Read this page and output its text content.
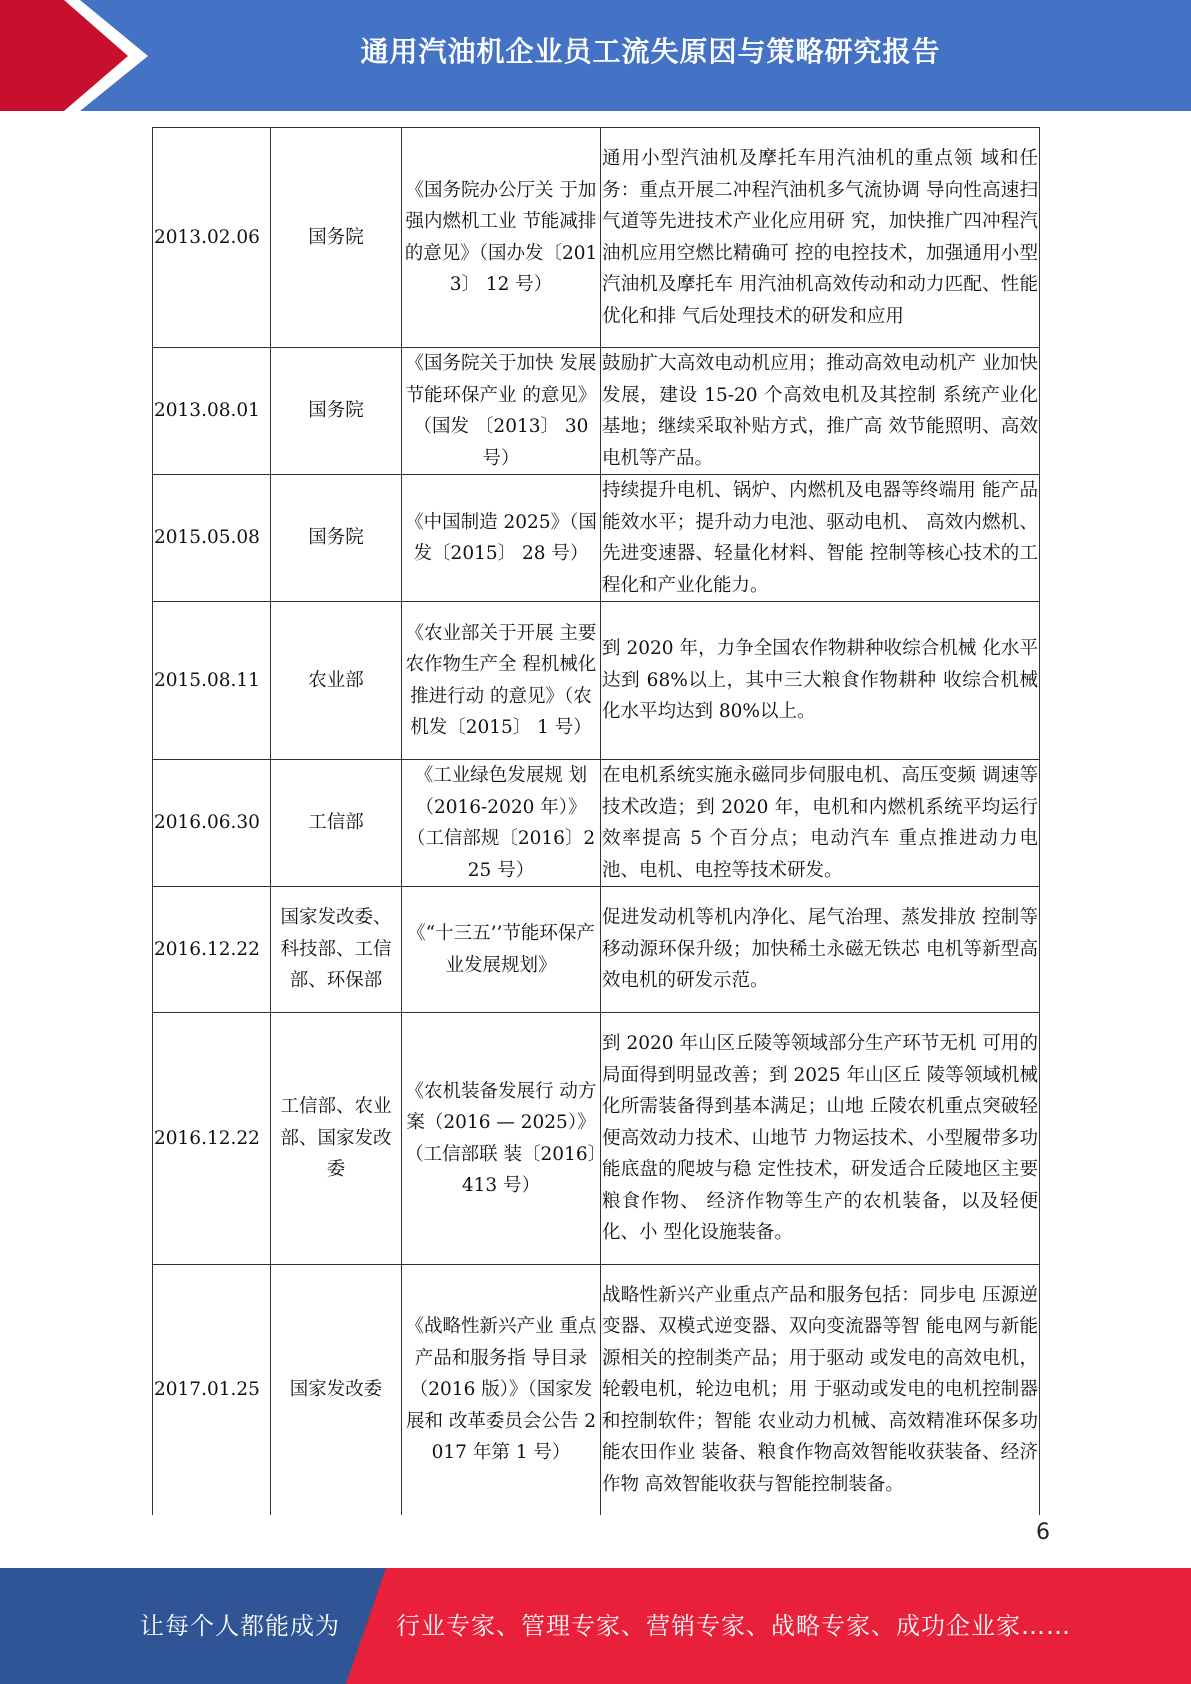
通用汽油机企业员工流失原因与策略研究报告
2013.02.06	国务院	《国务院办公厅关 于加强内燃机工业 节能减排的意见》（国办发〔2013〕 12 号）	通用小型汽油机及摩托车用汽油机的重点领 域和任务：重点开展二冲程汽油机多气流协调 导向性高速扫气道等先进技术产业化应用研 究，加快推广四冲程汽油机应用空燃比精确可 控的电控技术，加强通用小型汽油机及摩托车 用汽油机高效传动和动力匹配、性能优化和排 气后处理技术的研发和应用
2013.08.01	国务院	《国务院关于加快 发展节能环保产业 的意见》（国发 〔2013〕 30 号）	鼓励扩大高效电动机应用；推动高效电动机产 业加快发展，建设 15-20 个高效电机及其控制 系统产业化基地；继续采取补贴方式，推广高 效节能照明、高效电机等产品。
2015.05.08	国务院	《中国制造 2025》（国发〔2015〕 28 号）	持续提升电机、锅炉、内燃机及电器等终端用 能产品能效水平；提升动力电池、驱动电机、 高效内燃机、先进变速器、轻量化材料、智能 控制等核心技术的工程化和产业化能力。
2015.08.11	农业部	《农业部关于开展 主要农作物生产全 程机械化推进行动 的意见》（农机发〔2015〕 1 号）	到 2020 年，力争全国农作物耕种收综合机械 化水平达到 68%以上，其中三大粮食作物耕种 收综合机械化水平均达到 80%以上。
2016.06.30	工信部	《工业绿色发展规 划（2016-2020 年）》（工信部规〔2016〕225 号）	在电机系统实施永磁同步伺服电机、高压变频 调速等技术改造；到 2020 年，电机和内燃机系统平均运行效率提高 5 个百分点；电动汽车 重点推进动力电池、电机、电控等技术研发。
2016.12.22	国家发改委、科技部、工信部、环保部	《“十三五’’节能环保产业发展规划》	促进发动机等机内净化、尾气治理、蒸发排放 控制等移动源环保升级；加快稀土永磁无铁芯 电机等新型高效电机的研发示范。
2016.12.22	工信部、农业部、国家发改委	《农机装备发展行 动方案（2016 — 2025）》（工信部联 装〔2016〕413 号）	到 2020 年山区丘陵等领域部分生产环节无机 可用的局面得到明显改善；到 2025 年山区丘 陵等领域机械化所需装备得到基本满足；山地 丘陵农机重点突破轻便高效动力技术、山地节 力物运技术、小型履带多功能底盘的爬坡与稳 定性技术，研发适合丘陵地区主要粮食作物、 经济作物等生产的农机装备，以及轻便化、小 型化设施装备。
2017.01.25	国家发改委	《战略性新兴产业 重点产品和服务指 导目录（2016 版）》（国家发展和 改革委员会公告 2017 年第 1 号）	战略性新兴产业重点产品和服务包括：同步电 压源逆变器、双模式逆变器、双向变流器等智 能电网与新能源相关的控制类产品；用于驱动 或发电的高效电机，轮毂电机，轮边电机；用 于驱动或发电的电机控制器和控制软件；智能 农业动力机械、高效精准环保多功能农田作业 装备、粮食作物高效智能收获装备、经济作物 高效智能收获与智能控制装备。
6
让每个人都能成为 行业专家、管理专家、营销专家、战略专家、成功企业家……
